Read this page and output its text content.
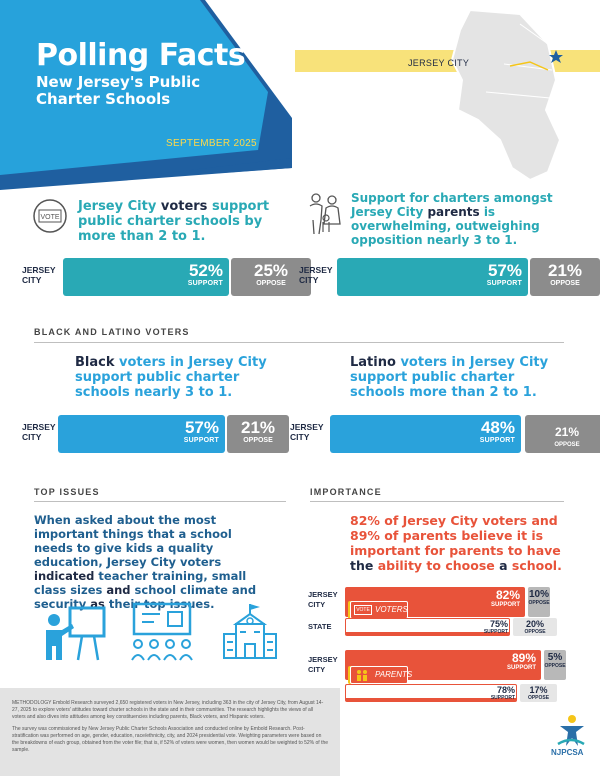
Polling Facts
New Jersey's Public Charter Schools
SEPTEMBER 2025
JERSEY CITY
VOTE
Jersey City voters support public charter schools by more than 2 to 1.
JERSEY CITY	52%
SUPPORT
25%
OPPOSE
Support for charters amongst Jersey City parents is overwhelming, outweighing opposition nearly 3 to 1.
JERSEY CITY	57%
SUPPORT
21%
OPPOSE
BLACK AND LATINO VOTERS
Black voters in Jersey City support public charter schools nearly 3 to 1.
JERSEY CITY	57%
SUPPORT
21%
OPPOSE
Latino voters in Jersey City support public charter schools more than 2 to 1.
JERSEY CITY	48%
SUPPORT
21%
OPPOSE
TOP ISSUES
When asked about the most important things that a school needs to give kids a quality education, Jersey City voters indicated teacher training, small class sizes and school climate and security as their top issues.
IMPORTANCE
82% of Jersey City voters and 89% of parents believe it is important for parents to have the ability to choose a school.
JERSEY CITY
82%
SUPPORT
10%
OPPOSE
VOTE VOTERS
STATE	75%
SUPPORT
20%
OPPOSE
JERSEY CITY
89%
SUPPORT
5%
OPPOSE
PARENTS
78%
SUPPORT
17%
OPPOSE

METHODOLOGY Embold Research surveyed 2,650 registered voters in New Jersey, including 363 in the city of Jersey City, from August 14-27, 2025 to explore voters' attitudes toward charter schools in the state and in their communities. The research highlights the views of all voters and also dives into attitudes among key constituencies including parents, Black voters, and Hispanic voters.

The survey was commissioned by New Jersey Public Charter Schools Association and conducted online by Embold Research. Post-stratification was performed on age, gender, education, race/ethnicity, city, and 2024 presidential vote. Weighting parameters were based on the breakdowns of each group, obtained from the voter file; that is, if 52% of voters were women, then women would be weighted to 52% of the sample.	NJPCSA
